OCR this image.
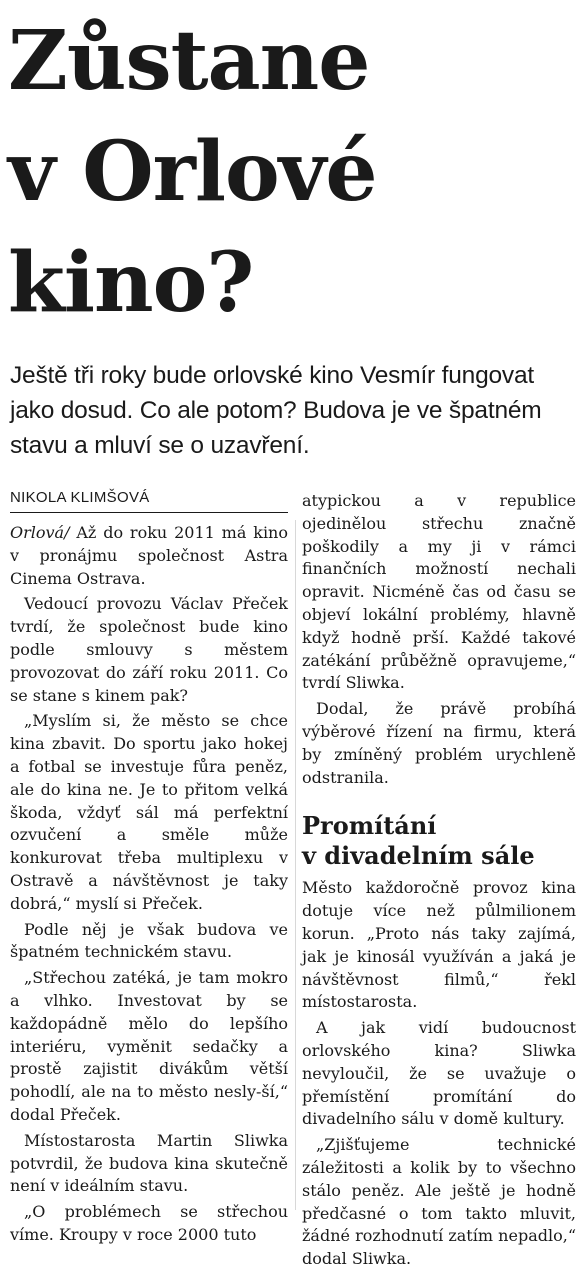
Zůstane
v Orlové
kino?

Ještě tři roky bude orlovské kino Vesmír fungovat jako dosud. Co ale potom? Budova je ve špatném stavu a mluví se o uzavření.

NIKOLA KLIMŠOVÁ

Orlová/ Až do roku 2011 má kino v pronájmu společnost Astra Cinema Ostrava.

Vedoucí provozu Václav Přeček tvrdí, že společnost bude kino podle smlouvy s městem provozovat do září roku 2011. Co se stane s kinem pak?

„Myslím si, že město se chce kina zbavit. Do sportu jako hokej a fotbal se investuje fůra peněz, ale do kina ne. Je to přitom velká škoda, vždyť sál má perfektní ozvučení a směle může konkurovat třeba multiplexu v Ostravě a návštěvnost je taky dobrá,“ myslí si Přeček.

Podle něj je však budova ve špatném technickém stavu.

„Střechou zatéká, je tam mokro a vlhko. Investovat by se každopádně mělo do lepšího interiéru, vyměnit sedačky a prostě zajistit divákům větší pohodlí, ale na to město nesly-ší,“ dodal Přeček.

Místostarosta Martin Sliwka potvrdil, že budova kina skutečně není v ideálním stavu.

„O problémech se střechou víme. Kroupy v roce 2000 tuto

atypickou a v republice ojedinělou střechu značně poškodily a my ji v rámci finančních možností nechali opravit. Nicméně čas od času se objeví lokální problémy, hlavně když hodně prší. Každé takové zatékání průběžně opravujeme,“ tvrdí Sliwka.

Dodal, že právě probíhá výběrové řízení na firmu, která by zmíněný problém urychleně odstranila.

Promítání
v divadelním sále

Město každoročně provoz kina dotuje více než půlmilionem korun. „Proto nás taky zajímá, jak je kinosál využíván a jaká je návštěvnost filmů,“ řekl místostarosta.

A jak vidí budoucnost orlovského kina? Sliwka nevyloučil, že se uvažuje o přemístění promítání do divadelního sálu v domě kultury.

„Zjišťujeme technické záležitosti a kolik by to všechno stálo peněz. Ale ještě je hodně předčasné o tom takto mluvit, žádné rozhodnutí zatím nepadlo,“ dodal Sliwka.
